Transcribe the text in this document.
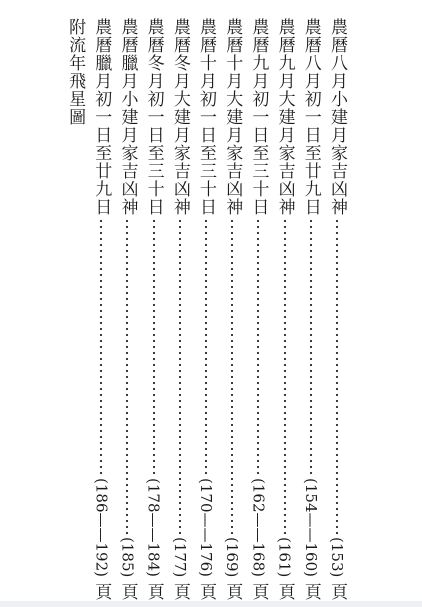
農曆八月小建月家吉凶神
(153)
頁
農曆八月初一日至廿九日
(154——160)
頁
農曆九月大建月家吉凶神
(161)
頁
農曆九月初一日至三十日
(162——168)
頁
農曆十月大建月家吉凶神
(169)
頁
農曆十月初一日至三十日
(170——176)
頁
農曆冬月大建月家吉凶神
(177)
頁
農曆冬月初一日至三十日
(178——184)
頁
農曆臘月小建月家吉凶神
(185)
頁
農曆臘月初一日至廿九日
(186——192)
頁
附流年飛星圖
